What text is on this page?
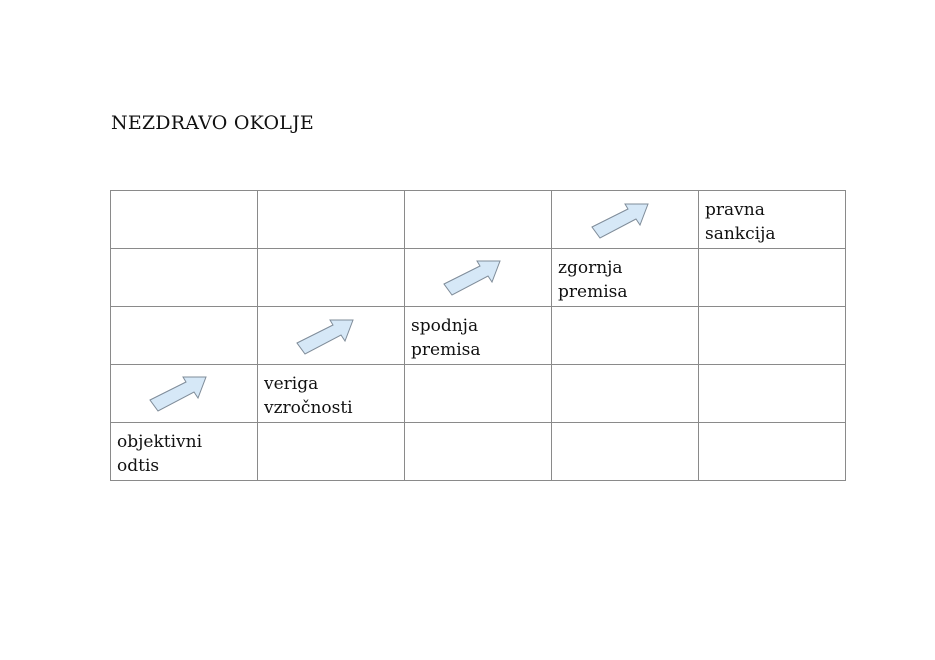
NEZDRAVO OKOLJE

				pravna
sankcija

			zgornja
premisa	

		spodnja
premisa		

	veriga
vzročnosti			

objektivni
odtis				
